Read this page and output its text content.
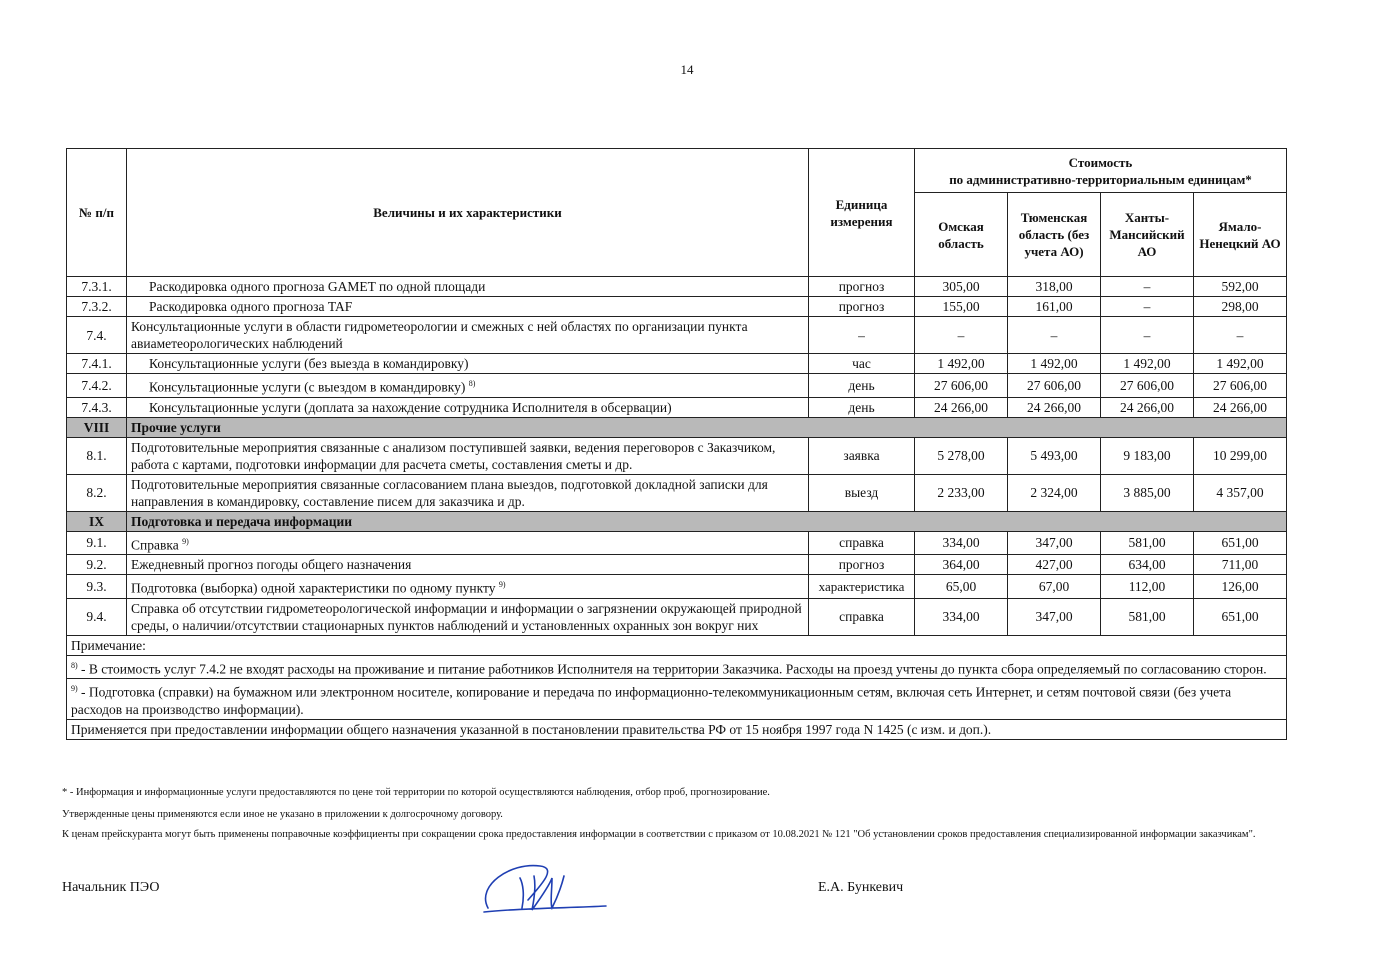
14
№ п/п	Величины и их характеристики	Единица измерения	Стоимость
по административно-территориальным единицам*			

			Омская область	Тюменская область (без учета АО)	Ханты-Мансийский АО	Ямало-Ненецкий АО
7.3.1.	Раскодировка одного прогноза GAMET по одной площади	прогноз	305,00	318,00	–	592,00
7.3.2.	Раскодировка одного прогноза TAF	прогноз	155,00	161,00	–	298,00
7.4.	Консультационные услуги в области гидрометеорологии и смежных с ней областях по организации пункта авиаметеорологических наблюдений	–	–	–	–	–
7.4.1.	Консультационные услуги (без выезда в командировку)	час	1 492,00	1 492,00	1 492,00	1 492,00
7.4.2.	Консультационные услуги (с выездом в командировку) $^{8)}$	день	27 606,00	27 606,00	27 606,00	27 606,00
7.4.3.	Консультационные услуги (доплата за нахождение сотрудника Исполнителя в обсервации)	день	24 266,00	24 266,00	24 266,00	24 266,00
VIII	Прочие услуги					
8.1.	Подготовительные мероприятия связанные с анализом поступившей заявки, ведения переговоров с Заказчиком, работа с картами, подготовки информации для расчета сметы, составления сметы и др.	заявка	5 278,00	5 493,00	9 183,00	10 299,00
8.2.	Подготовительные мероприятия связанные согласованием плана выездов, подготовкой докладной записки для направления в командировку, составление писем для заказчика и др.	выезд	2 233,00	2 324,00	3 885,00	4 357,00
IX	Подготовка и передача информации					
9.1.	Справка $^{9)}$	справка	334,00	347,00	581,00	651,00
9.2.	Ежедневный прогноз погоды общего назначения	прогноз	364,00	427,00	634,00	711,00
9.3.	Подготовка (выборка) одной характеристики по одному пункту $^{9)}$	характеристика	65,00	67,00	112,00	126,00
9.4.	Справка об отсутствии гидрометеорологической информации и информации о загрязнении окружающей природной среды, о наличии/отсутствии стационарных пунктов наблюдений и установленных охранных зон вокруг них	справка	334,00	347,00	581,00	651,00
Примечание:						
$^{8)}$ - В стоимость услуг 7.4.2 не входят расходы на проживание и питание работников Исполнителя на территории Заказчика. Расходы на проезд учтены до пункта сбора определяемый по согласованию сторон.						
$^{9)}$ - Подготовка (справки) на бумажном или электронном носителе, копирование и передача по информационно-телекоммуникационным сетям, включая сеть Интернет, и сетям почтовой связи (без учета расходов на производство информации).						
Применяется при предоставлении информации общего назначения указанной в постановлении правительства РФ от 15 ноября 1997 года N 1425 (с изм. и доп.).						
* - Информация и информационные услуги предоставляются по цене той территории по которой осуществляются наблюдения, отбор проб, прогнозирование.
Утвержденные цены применяются если иное не указано в приложении к долгосрочному договору.
К ценам прейскуранта могут быть применены поправочные коэффициенты при сокращении срока предоставления информации в соответствии с приказом от 10.08.2021 № 121 "Об установлении сроков предоставления специализированной информации заказчикам".
Начальник ПЭО	Е.А. Бункевич
